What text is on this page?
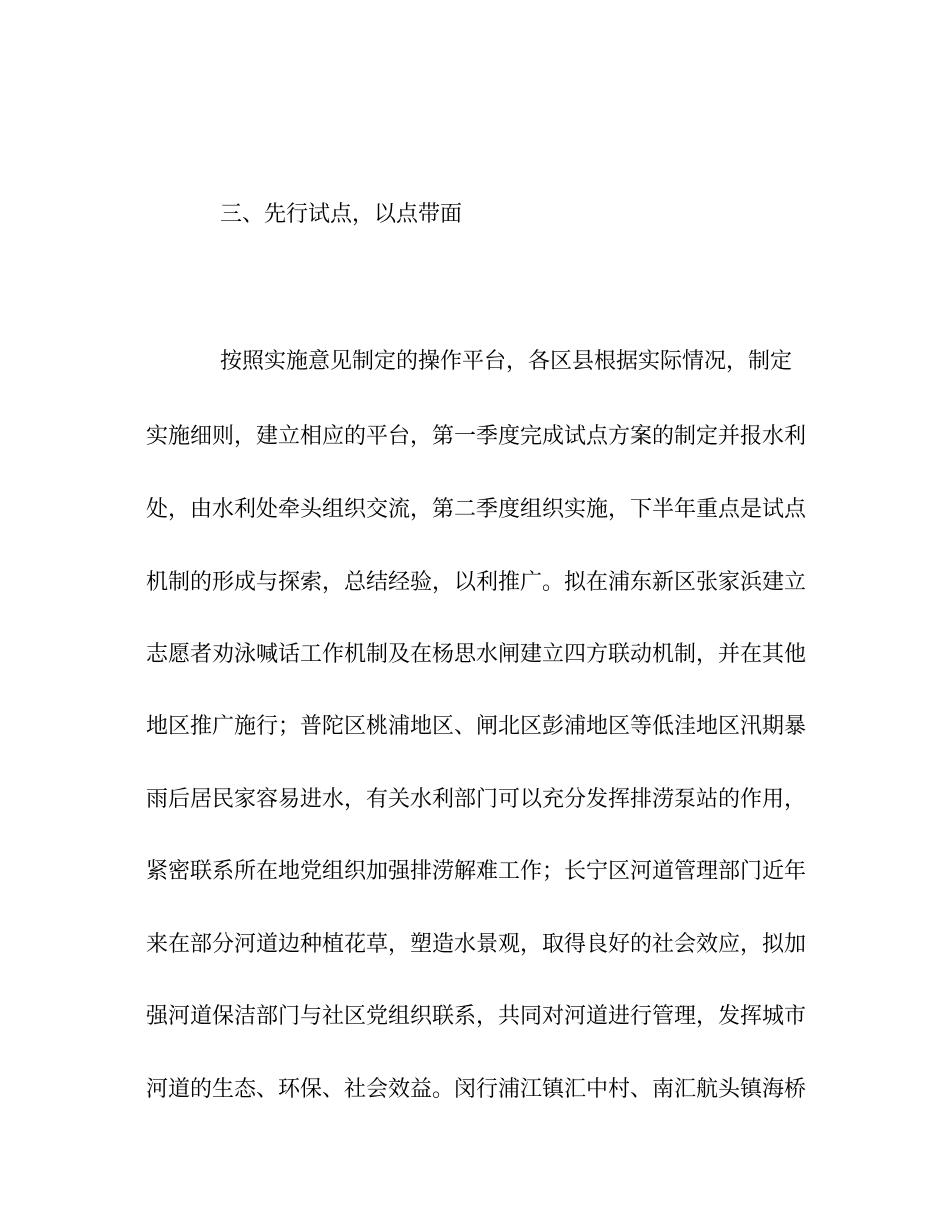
三、先行试点，以点带面

按照实施意见制定的操作平台，各区县根据实际情况，制定

实施细则，建立相应的平台，第一季度完成试点方案的制定并报水利

处，由水利处牵头组织交流，第二季度组织实施，下半年重点是试点

机制的形成与探索，总结经验，以利推广。拟在浦东新区张家浜建立

志愿者劝泳喊话工作机制及在杨思水闸建立四方联动机制，并在其他

地区推广施行；普陀区桃浦地区、闸北区彭浦地区等低洼地区汛期暴

雨后居民家容易进水，有关水利部门可以充分发挥排涝泵站的作用，

紧密联系所在地党组织加强排涝解难工作；长宁区河道管理部门近年

来在部分河道边种植花草，塑造水景观，取得良好的社会效应，拟加

强河道保洁部门与社区党组织联系，共同对河道进行管理，发挥城市

河道的生态、环保、社会效益。闵行浦江镇汇中村、南汇航头镇海桥
